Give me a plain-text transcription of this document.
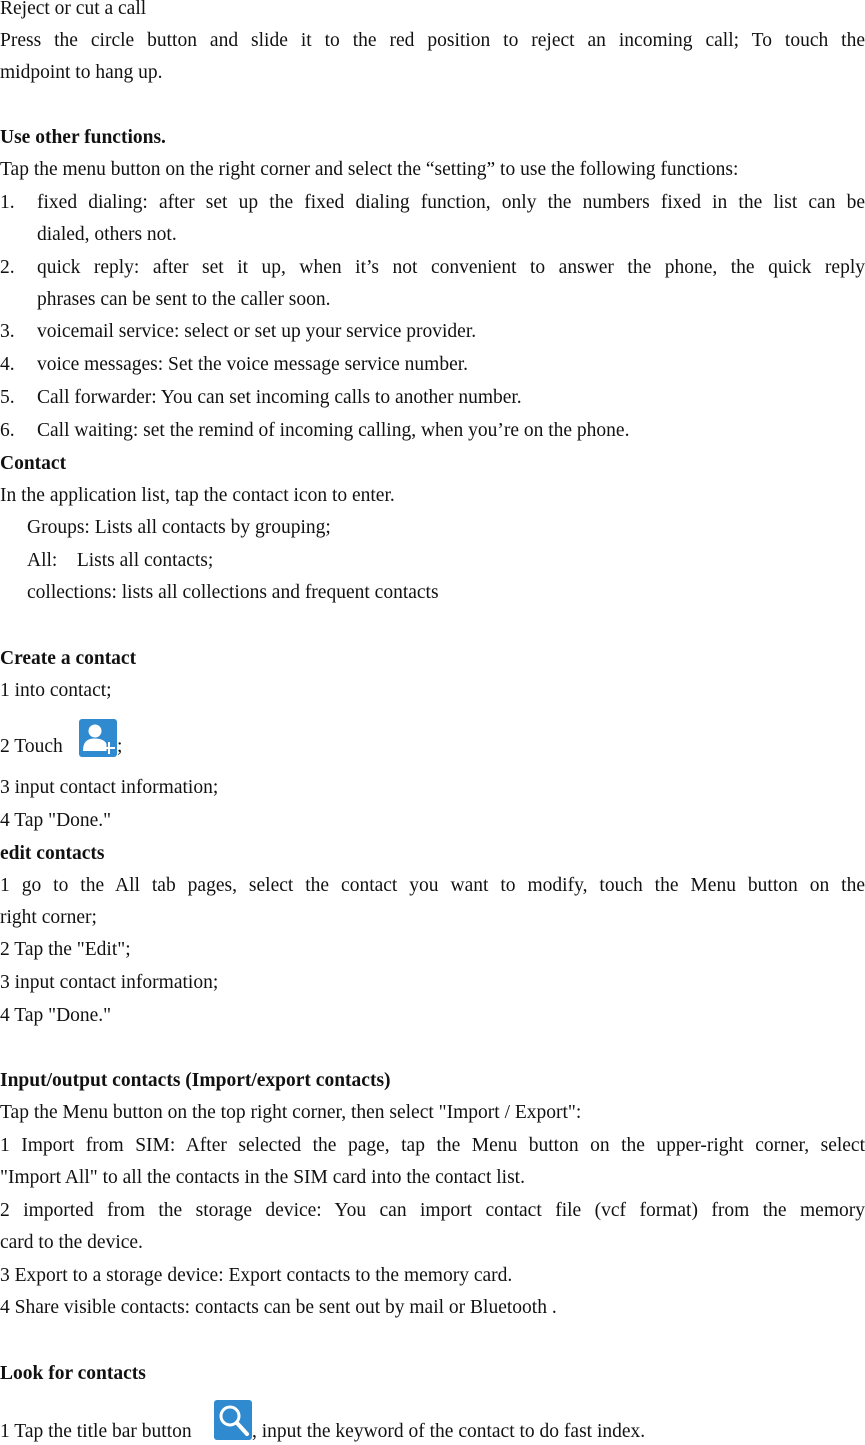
Reject or cut a call
Press the circle button and slide it to the red position to reject an incoming call; To touch the
midpoint to hang up.
Use other functions.
Tap the menu button on the right corner and select the “setting” to use the following functions:
1.	fixed dialing: after set up the fixed dialing function, only the numbers fixed in the list can be
dialed, others not.
2.	quick reply: after set it up, when it’s not convenient to answer the phone, the quick reply
phrases can be sent to the caller soon.
3.	voicemail service: select or set up your service provider.
4.	voice messages: Set the voice message service number.
5.	Call forwarder: You can set incoming calls to another number.
6.	Call waiting: set the remind of incoming calling, when you’re on the phone.
Contact
In the application list, tap the contact icon to enter.
Groups: Lists all contacts by grouping;
All:    Lists all contacts;
collections: lists all collections and frequent contacts
Create a contact
1 into contact;
2 Touch	;
3 input contact information;
4 Tap "Done."
edit contacts
1 go to the All tab pages, select the contact you want to modify, touch the Menu button on the
right corner;
2 Tap the "Edit";
3 input contact information;
4 Tap "Done."
Input/output contacts (Import/export contacts)
Tap the Menu button on the top right corner, then select "Import / Export":
1 Import from SIM: After selected the page, tap the Menu button on the upper-right corner, select
"Import All" to all the contacts in the SIM card into the contact list.
2 imported from the storage device: You can import contact file (vcf format) from the memory
card to the device.
3 Export to a storage device: Export contacts to the memory card.
4 Share visible contacts: contacts can be sent out by mail or Bluetooth .
Look for contacts
1 Tap the title bar button	, input the keyword of the contact to do fast index.
